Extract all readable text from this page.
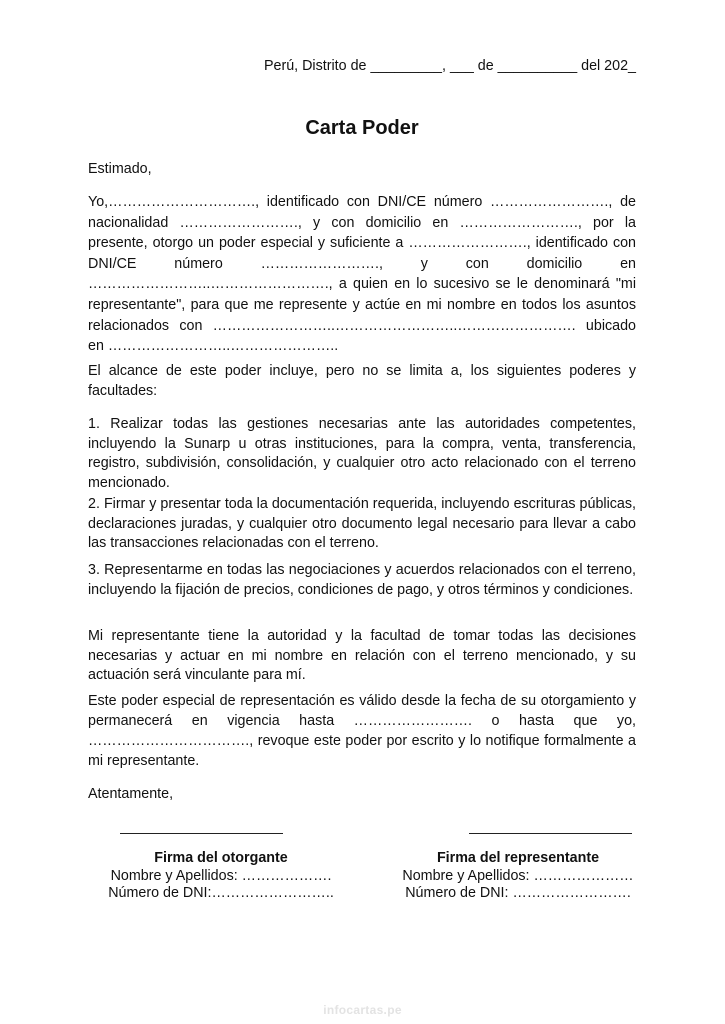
Perú, Distrito de _________, ___ de __________ del 202_
Carta Poder

Estimado,

Yo,…………………………., identificado con DNI/CE número ……………………., de nacionalidad ……………………., y con domicilio en ……………………., por la presente, otorgo un poder especial y suficiente a ……………………., identificado con DNI/CE número ……………………., y con domicilio en ……………………..……………………., a quien en lo sucesivo se le denominará "mi representante", para que me represente y actúe en mi nombre en todos los asuntos relacionados con ……………………..……………………..……………………. ubicado en ……………………..…………………..

El alcance de este poder incluye, pero no se limita a, los siguientes poderes y facultades:

1. Realizar todas las gestiones necesarias ante las autoridades competentes, incluyendo la Sunarp u otras instituciones, para la compra, venta, transferencia, registro, subdivisión, consolidación, y cualquier otro acto relacionado con el terreno mencionado.

2. Firmar y presentar toda la documentación requerida, incluyendo escrituras públicas, declaraciones juradas, y cualquier otro documento legal necesario para llevar a cabo las transacciones relacionadas con el terreno.

3. Representarme en todas las negociaciones y acuerdos relacionados con el terreno, incluyendo la fijación de precios, condiciones de pago, y otros términos y condiciones.

Mi representante tiene la autoridad y la facultad de tomar todas las decisiones necesarias y actuar en mi nombre en relación con el terreno mencionado, y su actuación será vinculante para mí.

Este poder especial de representación es válido desde la fecha de su otorgamiento y permanecerá en vigencia hasta ……………………. o hasta que yo, ……………………………., revoque este poder por escrito y lo notifique formalmente a mi representante.

Atentamente,

Firma del otorgante
Nombre y Apellidos: ……………….
Número de DNI:……………………..
Firma del representante
Nombre y Apellidos: …………………
Número de DNI: …………………….
infocartas.pe
